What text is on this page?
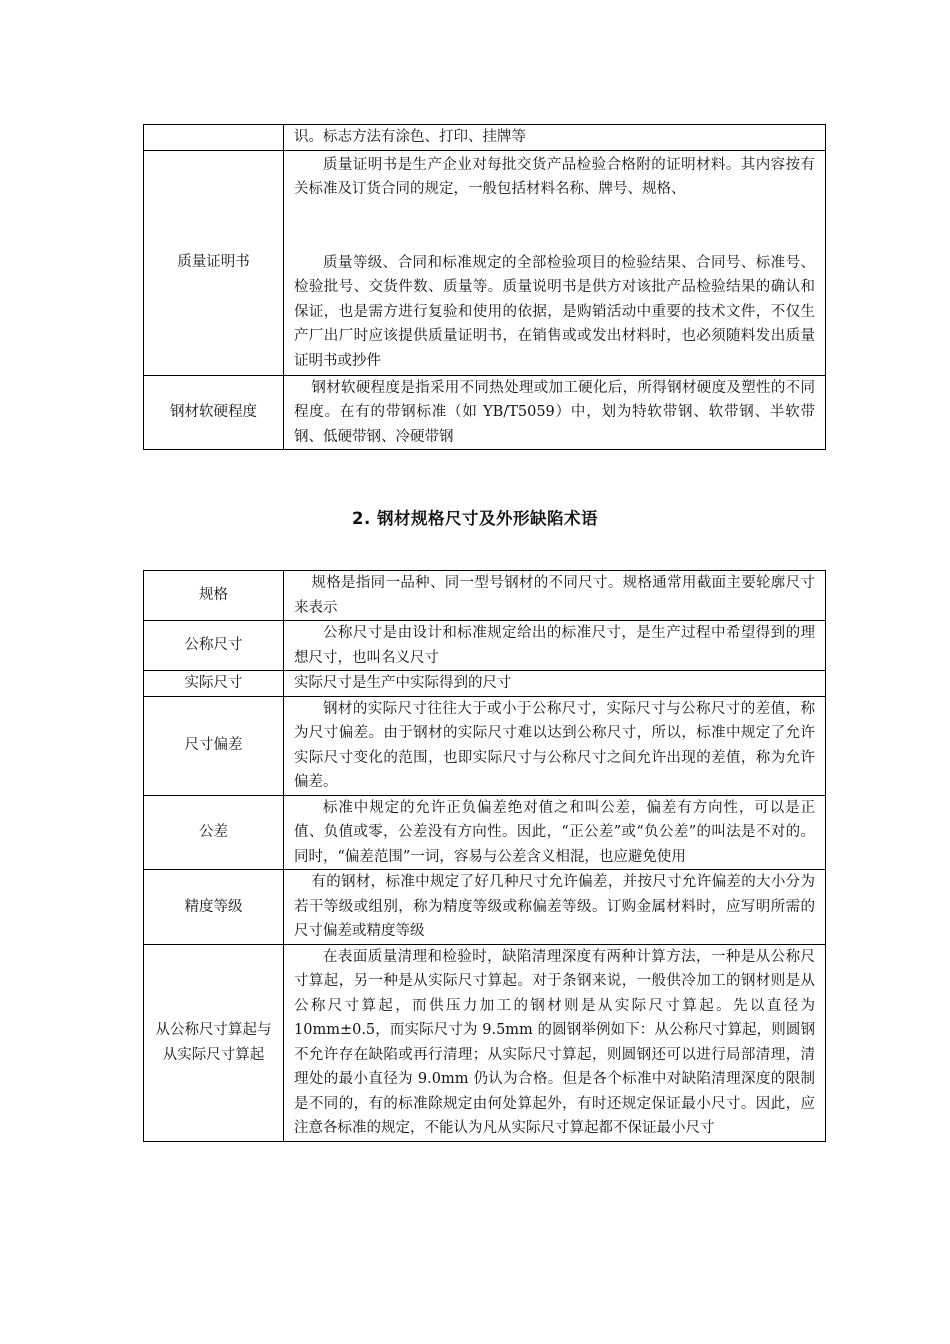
	识。标志方法有涂色、打印、挂牌等

质量证明书	质量证明书是生产企业对每批交货产品检验合格附的证明材料。其内容按有关标准及订货合同的规定，一般包括材料名称、牌号、规格、

质量等级、合同和标准规定的全部检验项目的检验结果、合同号、标准号、检验批号、交货件数、质量等。质量说明书是供方对该批产品检验结果的确认和保证，也是需方进行复验和使用的依据，是购销活动中重要的技术文件，不仅生产厂出厂时应该提供质量证明书，在销售或或发出材料时，也必须随料发出质量证明书或抄件

钢材软硬程度	钢材软硬程度是指采用不同热处理或加工硬化后，所得钢材硬度及塑性的不同程度。在有的带钢标准（如 YB/T5059）中，划为特软带钢、软带钢、半软带钢、低硬带钢、冷硬带钢
2. 钢材规格尺寸及外形缺陷术语
规格	规格是指同一品种、同一型号钢材的不同尺寸。规格通常用截面主要轮廓尺寸来表示
公称尺寸	公称尺寸是由设计和标准规定给出的标准尺寸，是生产过程中希望得到的理想尺寸，也叫名义尺寸
实际尺寸	实际尺寸是生产中实际得到的尺寸
尺寸偏差	钢材的实际尺寸往往大于或小于公称尺寸，实际尺寸与公称尺寸的差值，称为尺寸偏差。由于钢材的实际尺寸难以达到公称尺寸，所以，标准中规定了允许实际尺寸变化的范围，也即实际尺寸与公称尺寸之间允许出现的差值，称为允许偏差。
公差	标准中规定的允许正负偏差绝对值之和叫公差，偏差有方向性，可以是正值、负值或零，公差没有方向性。因此，“正公差”或“负公差”的叫法是不对的。同时，“偏差范围”一词，容易与公差含义相混，也应避免使用
精度等级	有的钢材，标准中规定了好几种尺寸允许偏差，并按尺寸允许偏差的大小分为若干等级或组别，称为精度等级或称偏差等级。订购金属材料时，应写明所需的尺寸偏差或精度等级
从公称尺寸算起与从实际尺寸算起	在表面质量清理和检验时，缺陷清理深度有两种计算方法，一种是从公称尺寸算起，另一种是从实际尺寸算起。对于条钢来说，一般供冷加工的钢材则是从公称尺寸算起，而供压力加工的钢材则是从实际尺寸算起。先以直径为 10mm±0.5，而实际尺寸为 9.5mm 的圆钢举例如下：从公称尺寸算起，则圆钢不允许存在缺陷或再行清理；从实际尺寸算起，则圆钢还可以进行局部清理，清理处的最小直径为 9.0mm 仍认为合格。但是各个标准中对缺陷清理深度的限制是不同的，有的标准除规定由何处算起外，有时还规定保证最小尺寸。因此，应注意各标准的规定，不能认为凡从实际尺寸算起都不保证最小尺寸
